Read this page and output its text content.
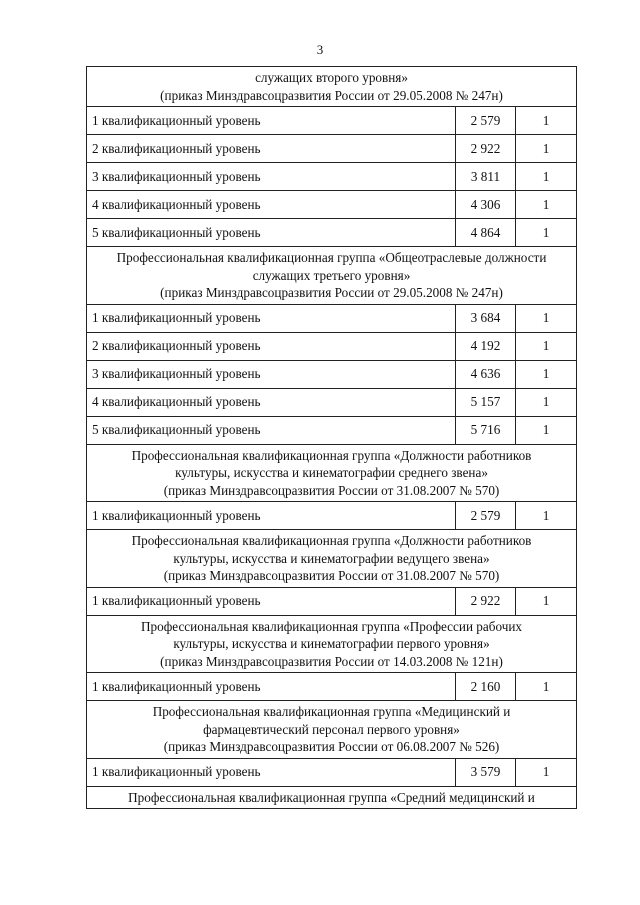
3
служащих второго уровня»
(приказ Минздравсоцразвития России от 29.05.2008 № 247н)		

1 квалификационный уровень	2 579	1
2 квалификационный уровень	2 922	1
3 квалификационный уровень	3 811	1
4 квалификационный уровень	4 306	1
5 квалификационный уровень	4 864	1

Профессиональная квалификационная группа «Общеотраслевые должности
служащих третьего уровня»
(приказ Минздравсоцразвития России от 29.05.2008 № 247н)		

1 квалификационный уровень	3 684	1
2 квалификационный уровень	4 192	1
3 квалификационный уровень	4 636	1
4 квалификационный уровень	5 157	1
5 квалификационный уровень	5 716	1

Профессиональная квалификационная группа «Должности работников
культуры, искусства и кинематографии среднего звена»
(приказ Минздравсоцразвития России от 31.08.2007 № 570)		

1 квалификационный уровень	2 579	1

Профессиональная квалификационная группа «Должности работников
культуры, искусства и кинематографии ведущего звена»
(приказ Минздравсоцразвития России от 31.08.2007 № 570)		

1 квалификационный уровень	2 922	1

Профессиональная квалификационная группа «Профессии рабочих
культуры, искусства и кинематографии первого уровня»
(приказ Минздравсоцразвития России от 14.03.2008 № 121н)		

1 квалификационный уровень	2 160	1

Профессиональная квалификационная группа «Медицинский и
фармацевтический персонал первого уровня»
(приказ Минздравсоцразвития России от 06.08.2007 № 526)		

1 квалификационный уровень	3 579	1

Профессиональная квалификационная группа «Средний медицинский и		
